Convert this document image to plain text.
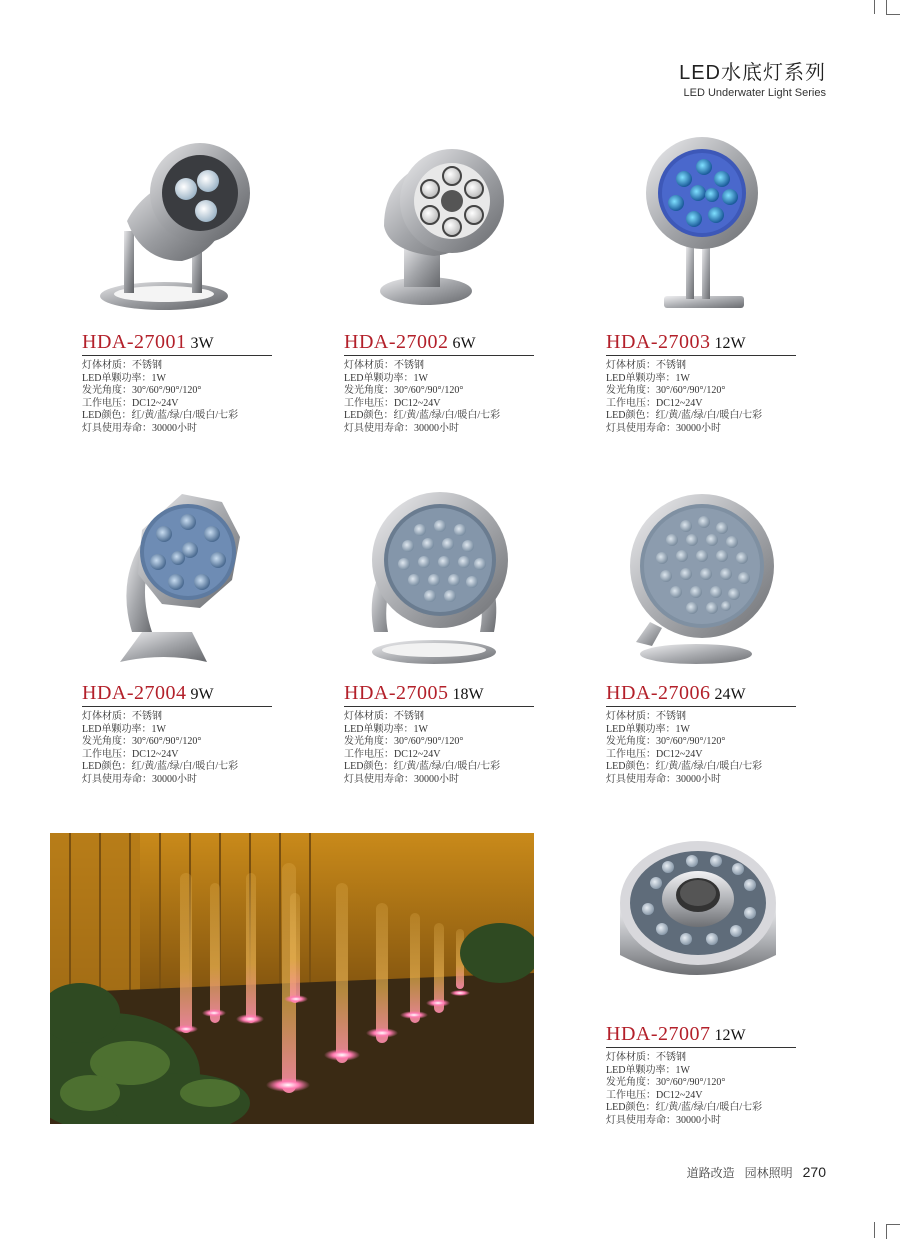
LED水底灯系列
LED Underwater Light Series
HDA-27001 3W
灯体材质：不锈钢
LED单颗功率：1W
发光角度：30°/60°/90°/120°
工作电压：DC12~24V
LED颜色：红/黄/蓝/绿/白/暖白/七彩
灯具使用寿命：30000小时
HDA-27002 6W
灯体材质：不锈钢
LED单颗功率：1W
发光角度：30°/60°/90°/120°
工作电压：DC12~24V
LED颜色：红/黄/蓝/绿/白/暖白/七彩
灯具使用寿命：30000小时
HDA-27003 12W
灯体材质：不锈钢
LED单颗功率：1W
发光角度：30°/60°/90°/120°
工作电压：DC12~24V
LED颜色：红/黄/蓝/绿/白/暖白/七彩
灯具使用寿命：30000小时
HDA-27004 9W
灯体材质：不锈钢
LED单颗功率：1W
发光角度：30°/60°/90°/120°
工作电压：DC12~24V
LED颜色：红/黄/蓝/绿/白/暖白/七彩
灯具使用寿命：30000小时
HDA-27005 18W
灯体材质：不锈钢
LED单颗功率：1W
发光角度：30°/60°/90°/120°
工作电压：DC12~24V
LED颜色：红/黄/蓝/绿/白/暖白/七彩
灯具使用寿命：30000小时
HDA-27006 24W
灯体材质：不锈钢
LED单颗功率：1W
发光角度：30°/60°/90°/120°
工作电压：DC12~24V
LED颜色：红/黄/蓝/绿/白/暖白/七彩
灯具使用寿命：30000小时
HDA-27007 12W
灯体材质：不锈钢
LED单颗功率：1W
发光角度：30°/60°/90°/120°
工作电压：DC12~24V
LED颜色：红/黄/蓝/绿/白/暖白/七彩
灯具使用寿命：30000小时
道路改造 园林照明 270
